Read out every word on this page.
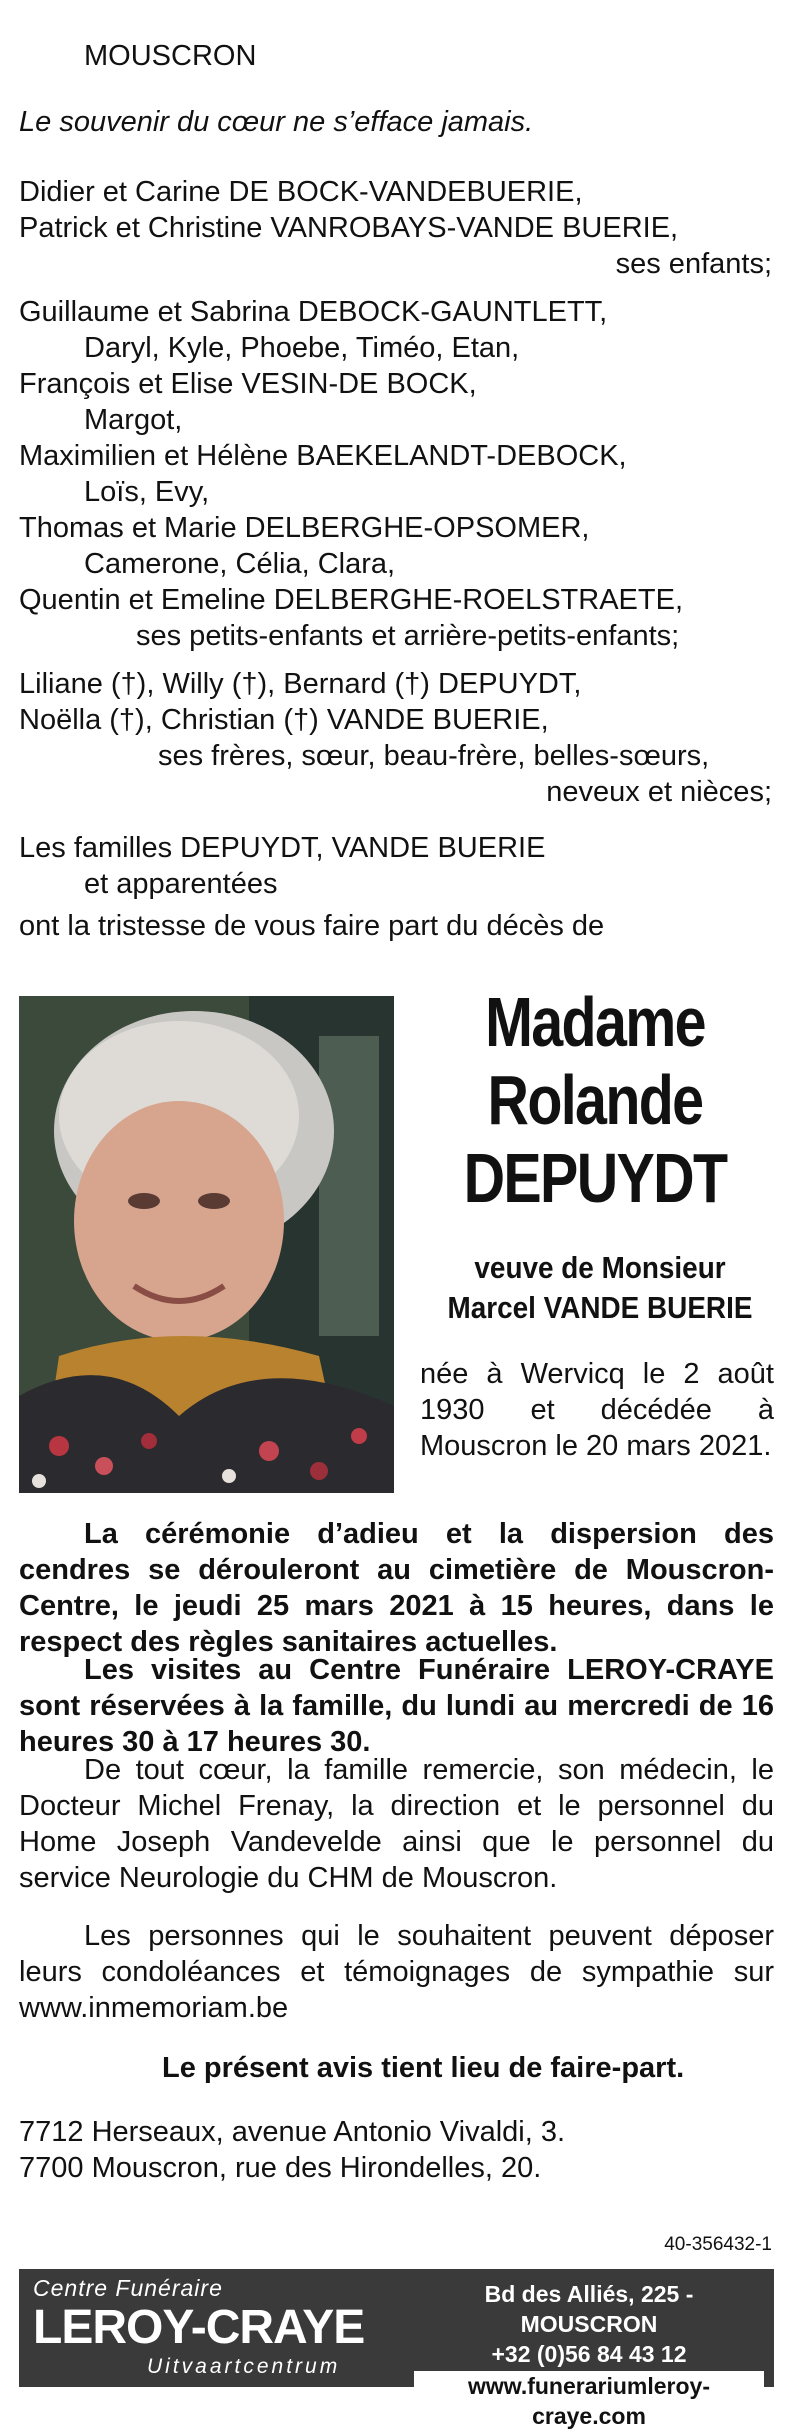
MOUSCRON
Le souvenir du cœur ne s’efface jamais.
Didier et Carine DE BOCK-VANDEBUERIE,
Patrick et Christine VANROBAYS-VANDE BUERIE,
ses enfants;
Guillaume et Sabrina DEBOCK-GAUNTLETT,
Daryl, Kyle, Phoebe, Timéo, Etan,
François et Elise VESIN-DE BOCK,
Margot,
Maximilien et Hélène BAEKELANDT-DEBOCK,
Loïs, Evy,
Thomas et Marie DELBERGHE-OPSOMER,
Camerone, Célia, Clara,
Quentin et Emeline DELBERGHE-ROELSTRAETE,
ses petits-enfants et arrière-petits-enfants;
Liliane (†), Willy (†), Bernard (†) DEPUYDT,
Noëlla (†), Christian (†) VANDE BUERIE,
ses frères, sœur, beau-frère, belles-sœurs,
neveux et nièces;
Les familles DEPUYDT, VANDE BUERIE
et apparentées
ont la tristesse de vous faire part du décès de
Madame
Rolande
DEPUYDT
veuve de Monsieur
Marcel VANDE BUERIE
née à Wervicq le 2 août 1930 et décédée à Mouscron le 20 mars 2021.
La cérémonie d’adieu et la dispersion des cendres se dérouleront au cimetière de Mouscron-Centre, le jeudi 25 mars 2021 à 15 heures, dans le respect des règles sanitaires actuelles.
Les visites au Centre Funéraire LEROY-CRAYE sont réservées à la famille, du lundi au mercredi de 16 heures 30 à 17 heures 30.
De tout cœur, la famille remercie, son médecin, le Docteur Michel Frenay, la direction et le personnel du Home Joseph Vandevelde ainsi que le personnel du service Neurologie du CHM de Mouscron.
Les personnes qui le souhaitent peuvent déposer leurs condoléances et témoignages de sympathie sur www.inmemoriam.be
Le présent avis tient lieu de faire-part.
7712 Herseaux, avenue Antonio Vivaldi, 3.
7700 Mouscron, rue des Hirondelles, 20.
40-356432-1
Centre Funéraire
LEROY-CRAYE
Uitvaartcentrum
Bd des Alliés, 225 - MOUSCRON
+32 (0)56 84 43 12
www.funerariumleroy-craye.com
